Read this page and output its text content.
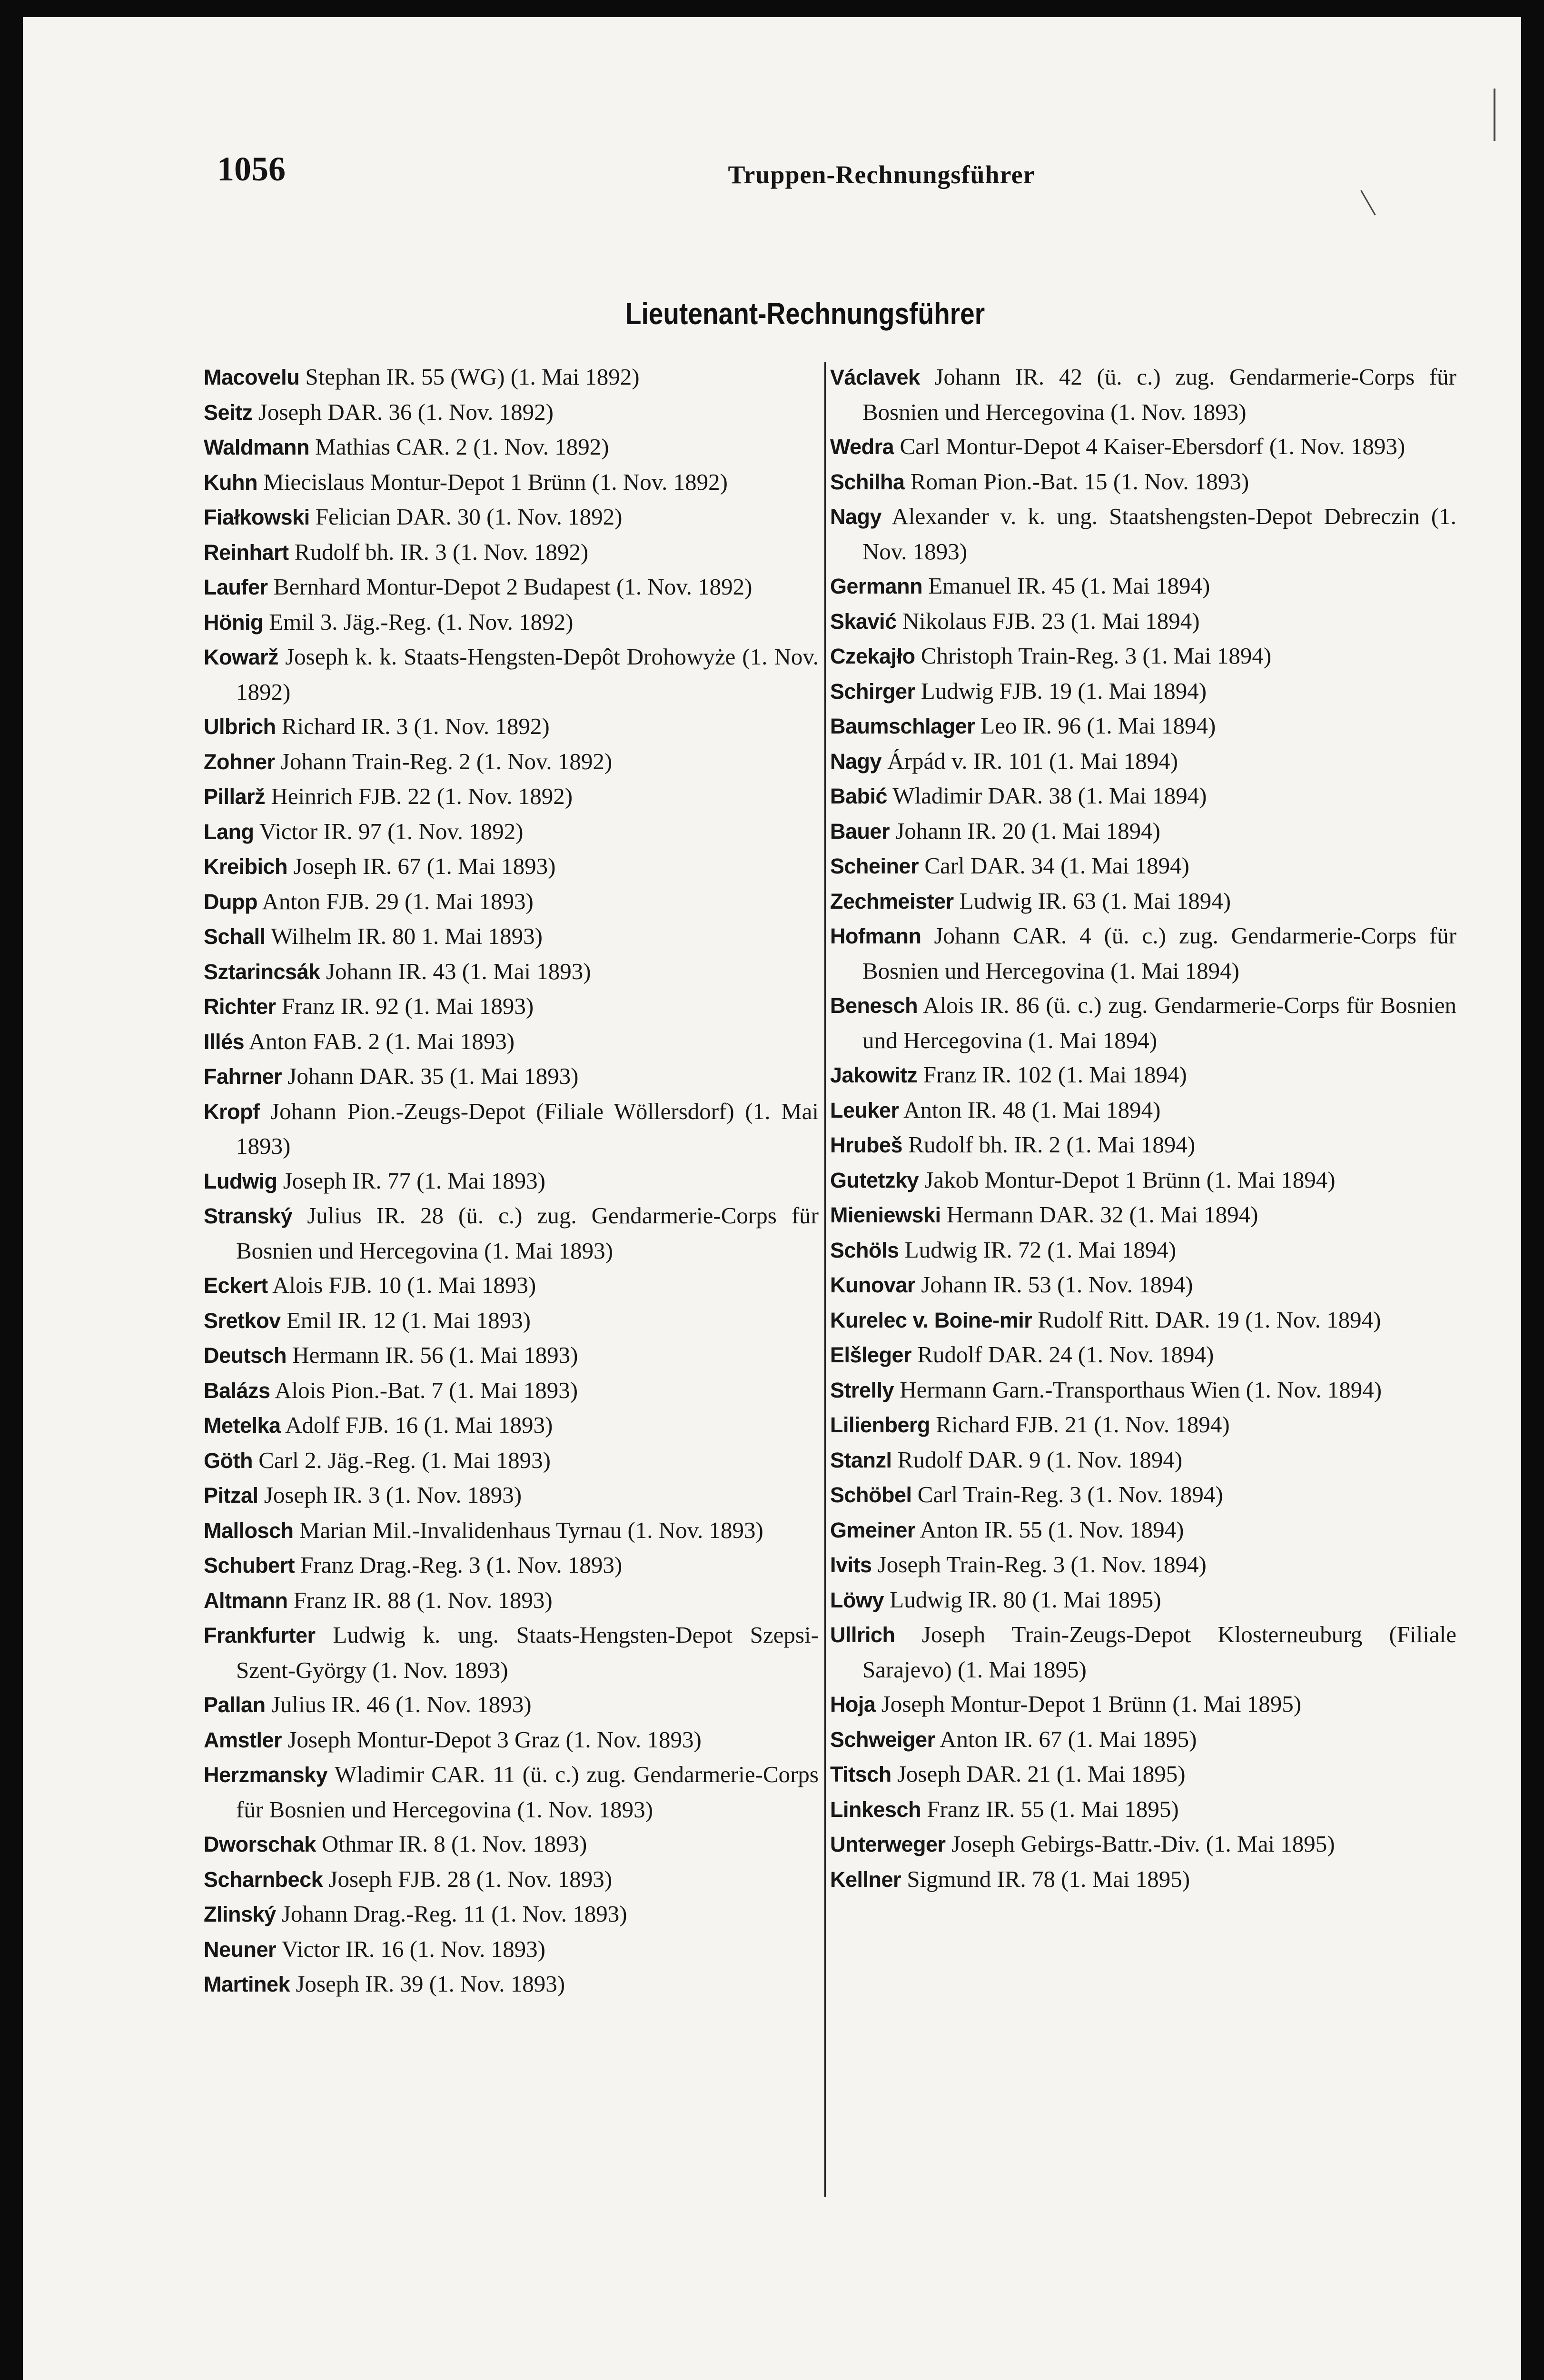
1056	Truppen-Rechnungsführer
Lieutenant-Rechnungsführer
Macovelu Stephan IR. 55 (WG) (1. Mai 1892)
Seitz Joseph DAR. 36 (1. Nov. 1892)
Waldmann Mathias CAR. 2 (1. Nov. 1892)
Kuhn Miecislaus Montur-Depot 1 Brünn (1. Nov. 1892)
Fiałkowski Felician DAR. 30 (1. Nov. 1892)
Reinhart Rudolf bh. IR. 3 (1. Nov. 1892)
Laufer Bernhard Montur-Depot 2 Budapest (1. Nov. 1892)
Hönig Emil 3. Jäg.-Reg. (1. Nov. 1892)
Kowarž Joseph k. k. Staats-Hengsten-Depôt Drohowyże (1. Nov. 1892)
Ulbrich Richard IR. 3 (1. Nov. 1892)
Zohner Johann Train-Reg. 2 (1. Nov. 1892)
Pillarž Heinrich FJB. 22 (1. Nov. 1892)
Lang Victor IR. 97 (1. Nov. 1892)
Kreibich Joseph IR. 67 (1. Mai 1893)
Dupp Anton FJB. 29 (1. Mai 1893)
Schall Wilhelm IR. 80 1. Mai 1893)
Sztarincsák Johann IR. 43 (1. Mai 1893)
Richter Franz IR. 92 (1. Mai 1893)
Illés Anton FAB. 2 (1. Mai 1893)
Fahrner Johann DAR. 35 (1. Mai 1893)
Kropf Johann Pion.-Zeugs-Depot (Filiale Wöllersdorf) (1. Mai 1893)
Ludwig Joseph IR. 77 (1. Mai 1893)
Stranský Julius IR. 28 (ü. c.) zug. Gendarmerie-Corps für Bosnien und Hercegovina (1. Mai 1893)
Eckert Alois FJB. 10 (1. Mai 1893)
Sretkov Emil IR. 12 (1. Mai 1893)
Deutsch Hermann IR. 56 (1. Mai 1893)
Balázs Alois Pion.-Bat. 7 (1. Mai 1893)
Metelka Adolf FJB. 16 (1. Mai 1893)
Göth Carl 2. Jäg.-Reg. (1. Mai 1893)
Pitzal Joseph IR. 3 (1. Nov. 1893)
Mallosch Marian Mil.-Invalidenhaus Tyrnau (1. Nov. 1893)
Schubert Franz Drag.-Reg. 3 (1. Nov. 1893)
Altmann Franz IR. 88 (1. Nov. 1893)
Frankfurter Ludwig k. ung. Staats-Hengsten-Depot Szepsi-Szent-György (1. Nov. 1893)
Pallan Julius IR. 46 (1. Nov. 1893)
Amstler Joseph Montur-Depot 3 Graz (1. Nov. 1893)
Herzmansky Wladimir CAR. 11 (ü. c.) zug. Gendarmerie-Corps für Bosnien und Hercegovina (1. Nov. 1893)
Dworschak Othmar IR. 8 (1. Nov. 1893)
Scharnbeck Joseph FJB. 28 (1. Nov. 1893)
Zlinský Johann Drag.-Reg. 11 (1. Nov. 1893)
Neuner Victor IR. 16 (1. Nov. 1893)
Martinek Joseph IR. 39 (1. Nov. 1893)
Václavek Johann IR. 42 (ü. c.) zug. Gendarmerie-Corps für Bosnien und Hercegovina (1. Nov. 1893)
Wedra Carl Montur-Depot 4 Kaiser-Ebersdorf (1. Nov. 1893)
Schilha Roman Pion.-Bat. 15 (1. Nov. 1893)
Nagy Alexander v. k. ung. Staatshengsten-Depot Debreczin (1. Nov. 1893)
Germann Emanuel IR. 45 (1. Mai 1894)
Skavić Nikolaus FJB. 23 (1. Mai 1894)
Czekajło Christoph Train-Reg. 3 (1. Mai 1894)
Schirger Ludwig FJB. 19 (1. Mai 1894)
Baumschlager Leo IR. 96 (1. Mai 1894)
Nagy Árpád v. IR. 101 (1. Mai 1894)
Babić Wladimir DAR. 38 (1. Mai 1894)
Bauer Johann IR. 20 (1. Mai 1894)
Scheiner Carl DAR. 34 (1. Mai 1894)
Zechmeister Ludwig IR. 63 (1. Mai 1894)
Hofmann Johann CAR. 4 (ü. c.) zug. Gendarmerie-Corps für Bosnien und Hercegovina (1. Mai 1894)
Benesch Alois IR. 86 (ü. c.) zug. Gendarmerie-Corps für Bosnien und Hercegovina (1. Mai 1894)
Jakowitz Franz IR. 102 (1. Mai 1894)
Leuker Anton IR. 48 (1. Mai 1894)
Hrubeš Rudolf bh. IR. 2 (1. Mai 1894)
Gutetzky Jakob Montur-Depot 1 Brünn (1. Mai 1894)
Mieniewski Hermann DAR. 32 (1. Mai 1894)
Schöls Ludwig IR. 72 (1. Mai 1894)
Kunovar Johann IR. 53 (1. Nov. 1894)
Kurelec v. Boine-mir Rudolf Ritt. DAR. 19 (1. Nov. 1894)
Elšleger Rudolf DAR. 24 (1. Nov. 1894)
Strelly Hermann Garn.-Transporthaus Wien (1. Nov. 1894)
Lilienberg Richard FJB. 21 (1. Nov. 1894)
Stanzl Rudolf DAR. 9 (1. Nov. 1894)
Schöbel Carl Train-Reg. 3 (1. Nov. 1894)
Gmeiner Anton IR. 55 (1. Nov. 1894)
Ivits Joseph Train-Reg. 3 (1. Nov. 1894)
Löwy Ludwig IR. 80 (1. Mai 1895)
Ullrich Joseph Train-Zeugs-Depot Klosterneuburg (Filiale Sarajevo) (1. Mai 1895)
Hoja Joseph Montur-Depot 1 Brünn (1. Mai 1895)
Schweiger Anton IR. 67 (1. Mai 1895)
Titsch Joseph DAR. 21 (1. Mai 1895)
Linkesch Franz IR. 55 (1. Mai 1895)
Unterweger Joseph Gebirgs-Battr.-Div. (1. Mai 1895)
Kellner Sigmund IR. 78 (1. Mai 1895)
